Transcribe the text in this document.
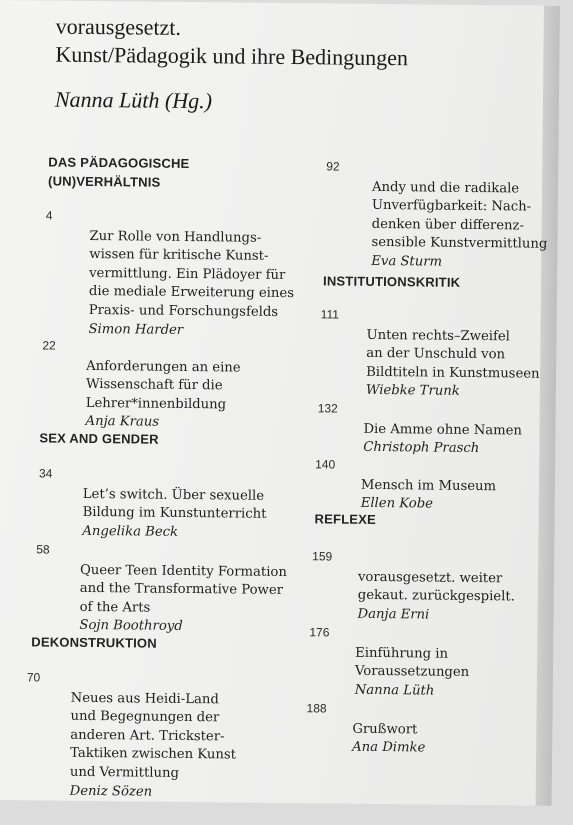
vorausgesetzt.
Kunst/Pädagogik und ihre Bedingungen
Nanna Lüth (Hg.)
DAS PÄDAGOGISCHE
(UN)VERHÄLTNIS
4

Zur Rolle von Handlungs-
wissen für kritische Kunst-
vermittlung. Ein Plädoyer für
die mediale Erweiterung eines
Praxis- und Forschungsfelds

Simon Harder

22

Anforderungen an eine
Wissenschaft für die
Lehrer*innenbildung

Anja Kraus

SEX AND GENDER
34

Let’s switch. Über sexuelle
Bildung im Kunstunterricht

Angelika Beck

58

Queer Teen Identity Formation
and the Transformative Power
of the Arts

Sojn Boothroyd

DEKONSTRUKTION
70

Neues aus Heidi-Land
und Begegnungen der
anderen Art. Trickster-
Taktiken zwischen Kunst
und Vermittlung

Deniz Sözen

92

Andy und die radikale
Unverfügbarkeit: Nach-
denken über differenz-
sensible Kunstvermittlung

Eva Sturm

INSTITUTIONSKRITIK
111

Unten rechts–Zweifel
an der Unschuld von
Bildtiteln in Kunstmuseen

Wiebke Trunk

132

Die Amme ohne Namen

Christoph Prasch

140

Mensch im Museum

Ellen Kobe

REFLEXE
159

vorausgesetzt. weiter
gekaut. zurückgespielt.

Danja Erni

176

Einführung in
Voraussetzungen

Nanna Lüth

188

Grußwort

Ana Dimke
